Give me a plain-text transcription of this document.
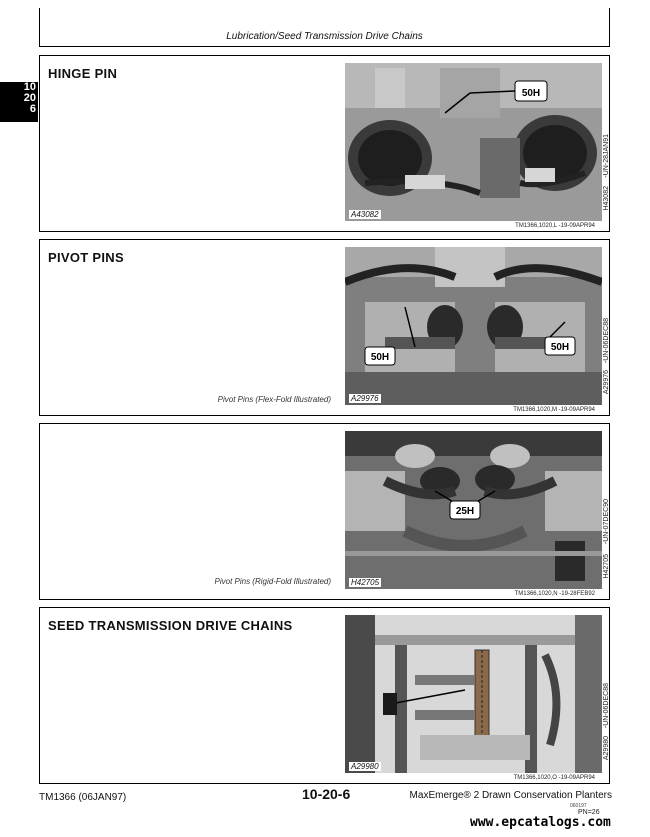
Lubrication/Seed Transmission Drive Chains
10
20
6
HINGE PIN
50H
A43082
-UN-28JAN91
H43082
TM1366,1020,L -19-09APR94
PIVOT PINS
Pivot Pins (Flex-Fold Illustrated)
50H
50H
A29976
-UN-06DEC88
A29976
TM1366,1020,M -19-09APR94
Pivot Pins (Rigid-Fold Illustrated)
25H
H42705
-UN-07DEC90
H42705
TM1366,1020,N -19-28FEB92
SEED TRANSMISSION DRIVE CHAINS
A29980
-UN-06DEC88
A29980
TM1366,1020,O -19-09APR94
TM1366 (06JAN97)	10-20-6	MaxEmerge® 2 Drawn Conservation Planters
060197
PN=26
www.epcatalogs.com
